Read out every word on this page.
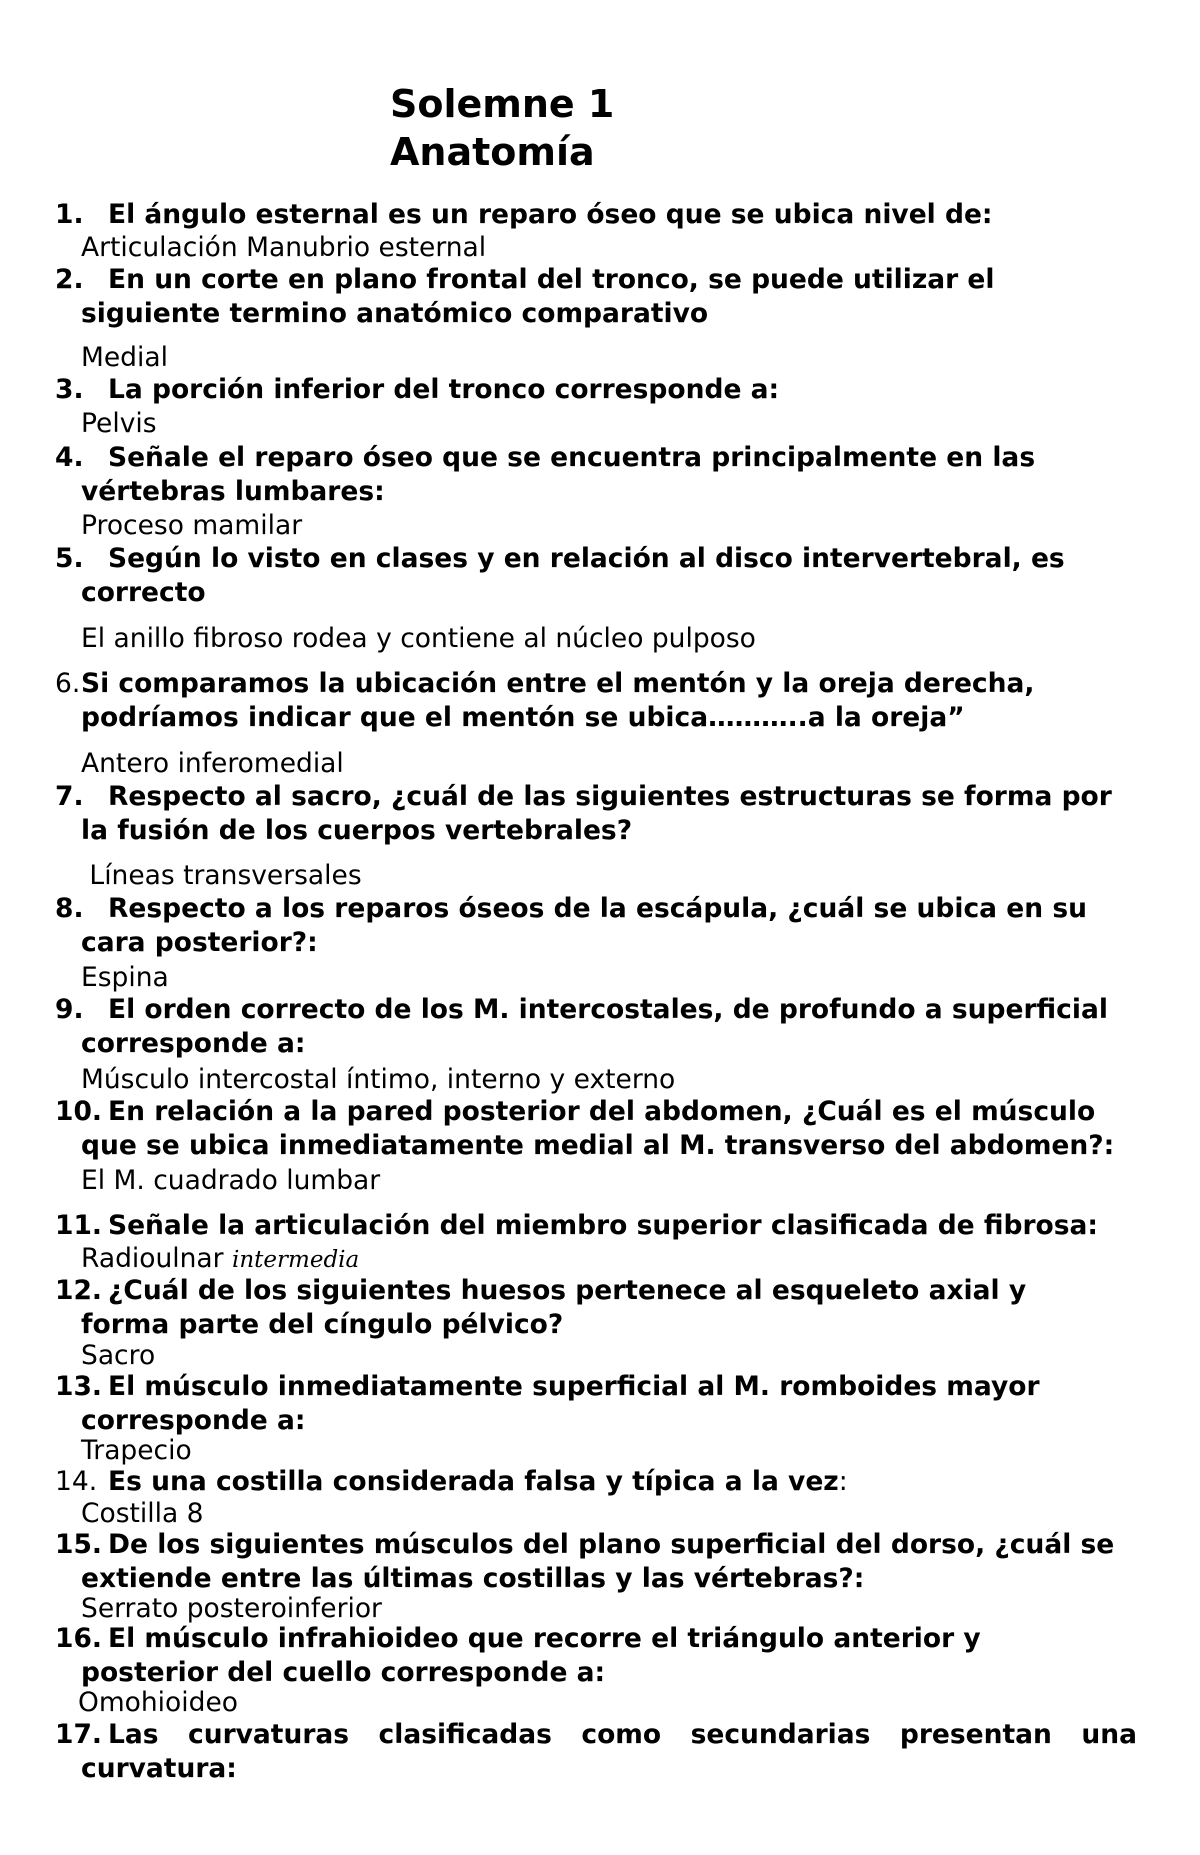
Solemne 1
Anatomía
1. El ángulo esternal es un reparo óseo que se ubica nivel de:
Articulación Manubrio esternal
2. En un corte en plano frontal del tronco, se puede utilizar el siguiente termino anatómico comparativo
Medial
3. La porción inferior del tronco corresponde a:
Pelvis
4. Señale el reparo óseo que se encuentra principalmente en las vértebras lumbares:
Proceso mamilar
5. Según lo visto en clases y en relación al disco intervertebral, es correcto
El anillo fibroso rodea y contiene al núcleo pulposo
6. Si comparamos la ubicación entre el mentón y la oreja derecha, podríamos indicar que el mentón se ubica………..a la oreja”
Antero inferomedial
7. Respecto al sacro, ¿cuál de las siguientes estructuras se forma por la fusión de los cuerpos vertebrales?
Líneas transversales
8. Respecto a los reparos óseos de la escápula, ¿cuál se ubica en su cara posterior?:
Espina
9. El orden correcto de los M. intercostales, de profundo a superficial corresponde a:
Músculo intercostal íntimo, interno y externo
10. En relación a la pared posterior del abdomen, ¿Cuál es el músculo que se ubica inmediatamente medial al M. transverso del abdomen?:
El M. cuadrado lumbar
11. Señale la articulación del miembro superior clasificada de fibrosa:
Radioulnar intermedia
12. ¿Cuál de los siguientes huesos pertenece al esqueleto axial y forma parte del cíngulo pélvico?
Sacro
13. El músculo inmediatamente superficial al M. romboides mayor corresponde a:
Trapecio
14. Es una costilla considerada falsa y típica a la vez:
Costilla 8
15. De los siguientes músculos del plano superficial del dorso, ¿cuál se extiende entre las últimas costillas y las vértebras?:
Serrato posteroinferior
16. El músculo infrahioideo que recorre el triángulo anterior y posterior del cuello corresponde a:
Omohioideo
17. Las curvaturas clasificadas como secundarias presentan una curvatura:
